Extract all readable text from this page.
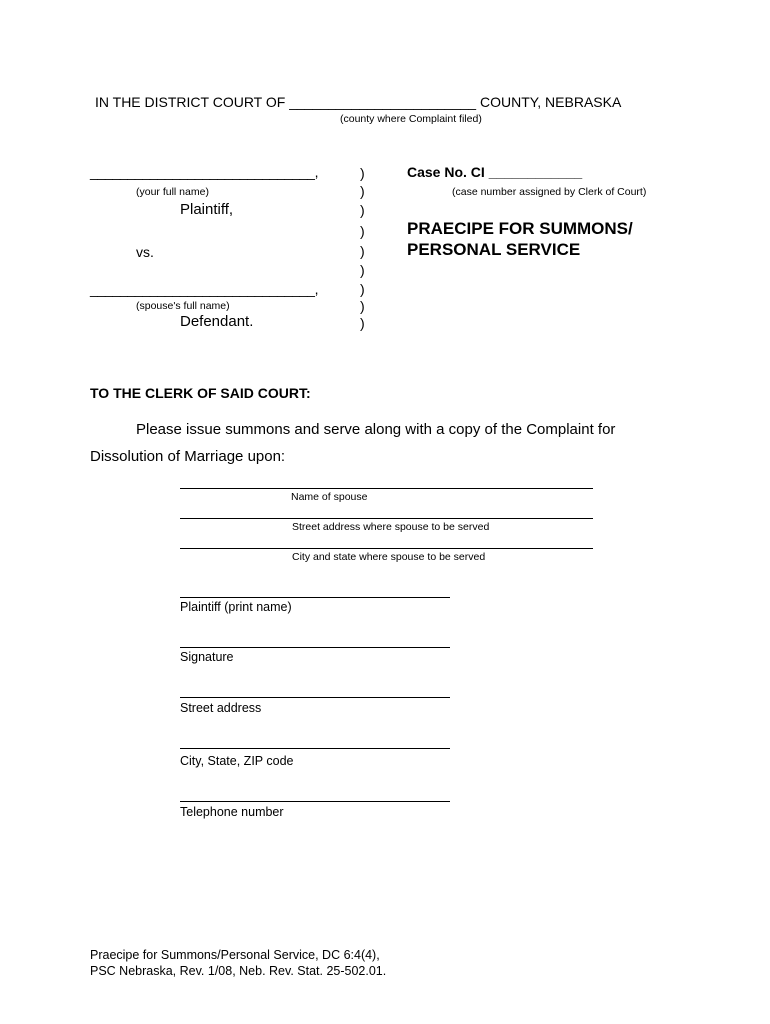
IN THE DISTRICT COURT OF ________________________ COUNTY, NEBRASKA
(county where Complaint filed)
______________________________,
(your full name)
Plaintiff,
vs.
______________________________,
(spouse's full name)
Defendant.
)
)
)
)
)
)
)
)
)
Case No. CI ____________
(case number assigned by Clerk of Court)
PRAECIPE FOR SUMMONS/
PERSONAL SERVICE
TO THE CLERK OF SAID COURT:
Please issue summons and serve along with a copy of the Complaint for
Dissolution of Marriage upon:
Name of spouse
Street address where spouse to be served
City and state where spouse to be served
Plaintiff (print name)
Signature
Street address
City, State, ZIP code
Telephone number
Praecipe for Summons/Personal Service, DC 6:4(4),
PSC Nebraska, Rev. 1/08, Neb. Rev. Stat. 25-502.01.
